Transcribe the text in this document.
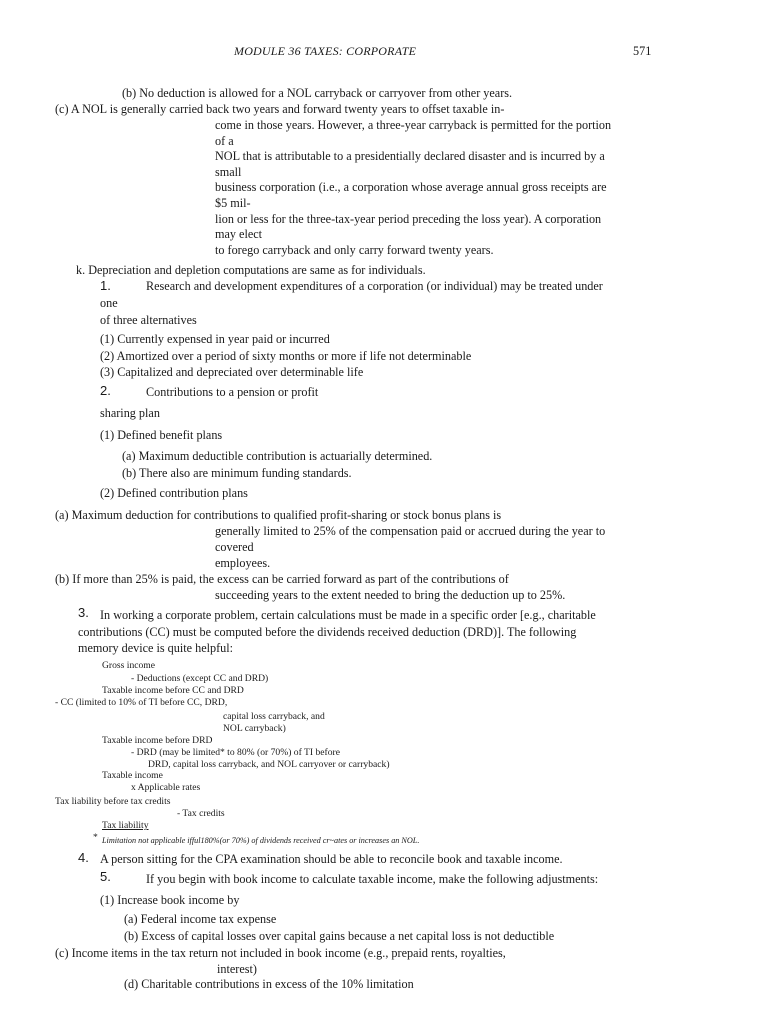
MODULE 36 TAXES: CORPORATE	571
(b) No deduction is allowed for a NOL carryback or carryover from other years.
(c) A NOL is generally carried back two years and forward twenty years to offset taxable in-
come in those years. However, a three-year carryback is permitted for the portion
of a
NOL that is attributable to a presidentially declared disaster and is incurred by a
small
business corporation (i.e., a corporation whose average annual gross receipts are
$5 mil-
lion or less for the three-tax-year period preceding the loss year). A corporation
may elect
to forego carryback and only carry forward twenty years.
k. Depreciation and depletion computations are same as for individuals.
1.	Research and development expenditures of a corporation (or individual) may be treated under
one
of three alternatives
(1) Currently expensed in year paid or incurred
(2) Amortized over a period of sixty months or more if life not determinable
(3) Capitalized and depreciated over determinable life
2.	Contributions to a pension or profit
sharing plan
(1) Defined benefit plans
(a) Maximum deductible contribution is actuarially determined.
(b) There also are minimum funding standards.
(2) Defined contribution plans
(a) Maximum deduction for contributions to qualified profit-sharing or stock bonus plans is
generally limited to 25% of the compensation paid or accrued during the year to
covered
employees.
(b) If more than 25% is paid, the excess can be carried forward as part of the contributions of
succeeding years to the extent needed to bring the deduction up to 25%.
3. In working a corporate problem, certain calculations must be made in a specific order [e.g., charitable
contributions (CC) must be computed before the dividends received deduction (DRD)]. The following
memory device is quite helpful:
Gross income
- Deductions (except CC and DRD)
Taxable income before CC and DRD
- CC (limited to 10% of TI before CC, DRD,
capital loss carryback, and
NOL carryback)
Taxable income before DRD
- DRD (may be limited* to 80% (or 70%) of TI before
DRD, capital loss carryback, and NOL carryover or carryback)
Taxable income
x Applicable rates
Tax liability before tax credits
- Tax credits
Tax liability
* Limitation not applicable ifful180%(or 70%) of dividends received cr~ates or increases an NOL.
4. A person sitting for the CPA examination should be able to reconcile book and taxable income.
5.	If you begin with book income to calculate taxable income, make the following adjustments:
(1) Increase book income by
(a) Federal income tax expense
(b) Excess of capital losses over capital gains because a net capital loss is not deductible
(c) Income items in the tax return not included in book income (e.g., prepaid rents, royalties,
interest)
(d) Charitable contributions in excess of the 10% limitation
